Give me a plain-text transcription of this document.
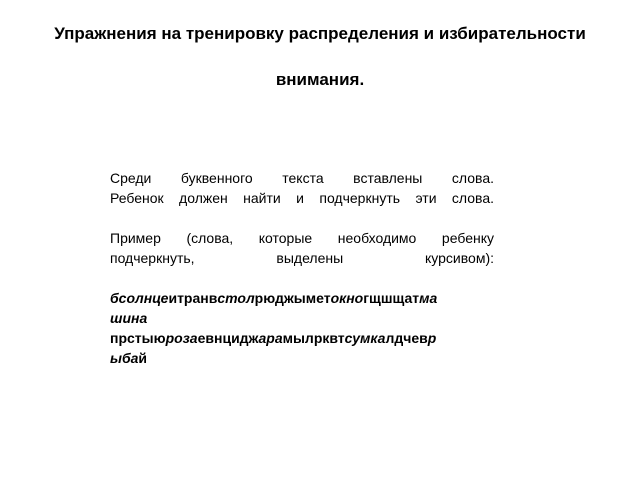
Упражнения на тренировку распределения и избирательности
внимания.

Среди буквенного текста вставлены слова.

Ребенок должен найти и подчеркнуть эти слова.

Пример (слова, которые необходимо ребенку

подчеркнуть, выделены курсивом):

бсолнцеитранвстолрюджыметокногщшщатма
шина
прстыюрозаевнциджарамылрквтсумкалдчевр
ыбай
